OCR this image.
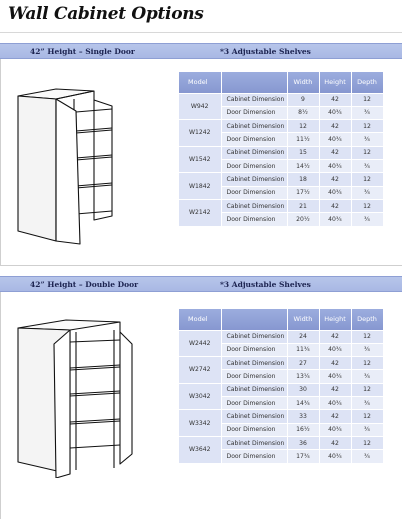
Wall Cabinet Options
42” Height – Single Door	*3 Adjustable Shelves
Model		Width	Height	Depth
W942	Cabinet Dimension	9	42	12
	Door Dimension	8½	40¾	¾
W1242	Cabinet Dimension	12	42	12
	Door Dimension	11½	40¾	¾
W1542	Cabinet Dimension	15	42	12
	Door Dimension	14½	40¾	¾
W1842	Cabinet Dimension	18	42	12
	Door Dimension	17½	40¾	¾
W2142	Cabinet Dimension	21	42	12
	Door Dimension	20½	40¾	¾
42” Height – Double Door	*3 Adjustable Shelves
Model		Width	Height	Depth
W2442	Cabinet Dimension	24	42	12
	Door Dimension	11¾	40¾	¾
W2742	Cabinet Dimension	27	42	12
	Door Dimension	13¼	40¾	¾
W3042	Cabinet Dimension	30	42	12
	Door Dimension	14¾	40¾	¾
W3342	Cabinet Dimension	33	42	12
	Door Dimension	16½	40¾	¾
W3642	Cabinet Dimension	36	42	12
	Door Dimension	17¾	40¾	¾
